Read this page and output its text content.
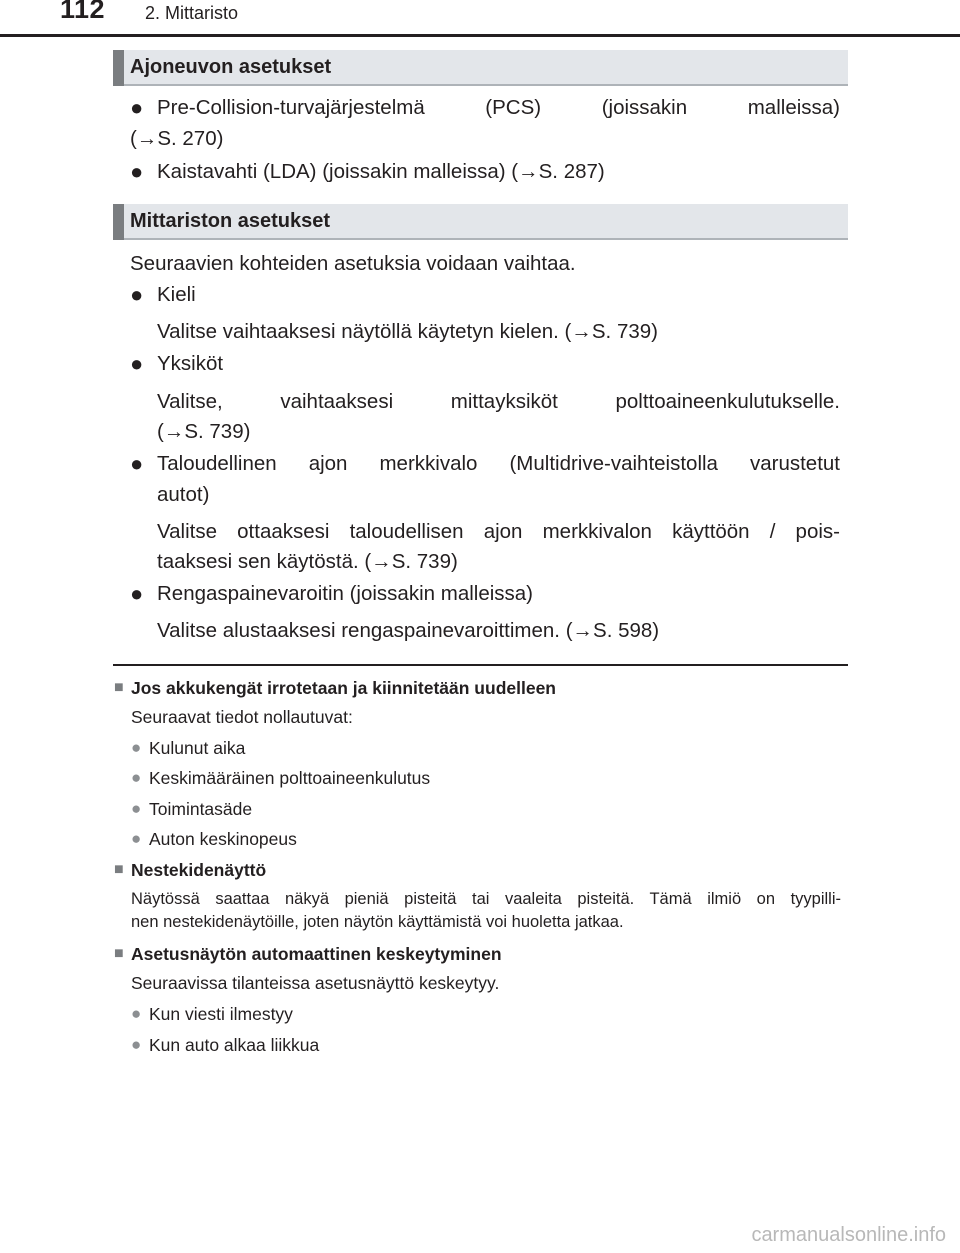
112 2. Mittaristo
Ajoneuvon asetukset
● Pre-Collision-turvajärjestelmä (PCS) (joissakin malleissa)
(→S. 270)
● Kaistavahti (LDA) (joissakin malleissa) (→S. 287)
Mittariston asetukset
Seuraavien kohteiden asetuksia voidaan vaihtaa.
● Kieli
Valitse vaihtaaksesi näytöllä käytetyn kielen. (→S. 739)
● Yksiköt
Valitse, vaihtaaksesi mittayksiköt polttoaineenkulutukselle.
(→S. 739)
● Taloudellinen ajon merkkivalo (Multidrive-vaihteistolla varustetut
autot)
Valitse ottaaksesi taloudellisen ajon merkkivalon käyttöön / pois-
taaksesi sen käytöstä. (→S. 739)
● Rengaspainevaroitin (joissakin malleissa)
Valitse alustaaksesi rengaspainevaroittimen. (→S. 598)
■ Jos akkukengät irrotetaan ja kiinnitetään uudelleen
Seuraavat tiedot nollautuvat:
● Kulunut aika
● Keskimääräinen polttoaineenkulutus
● Toimintasäde
● Auton keskinopeus
■ Nestekidenäyttö
Näytössä saattaa näkyä pieniä pisteitä tai vaaleita pisteitä. Tämä ilmiö on tyypilli-
nen nestekidenäytöille, joten näytön käyttämistä voi huoletta jatkaa.
■ Asetusnäytön automaattinen keskeytyminen
Seuraavissa tilanteissa asetusnäyttö keskeytyy.
● Kun viesti ilmestyy
● Kun auto alkaa liikkua
carmanualsonline.info
